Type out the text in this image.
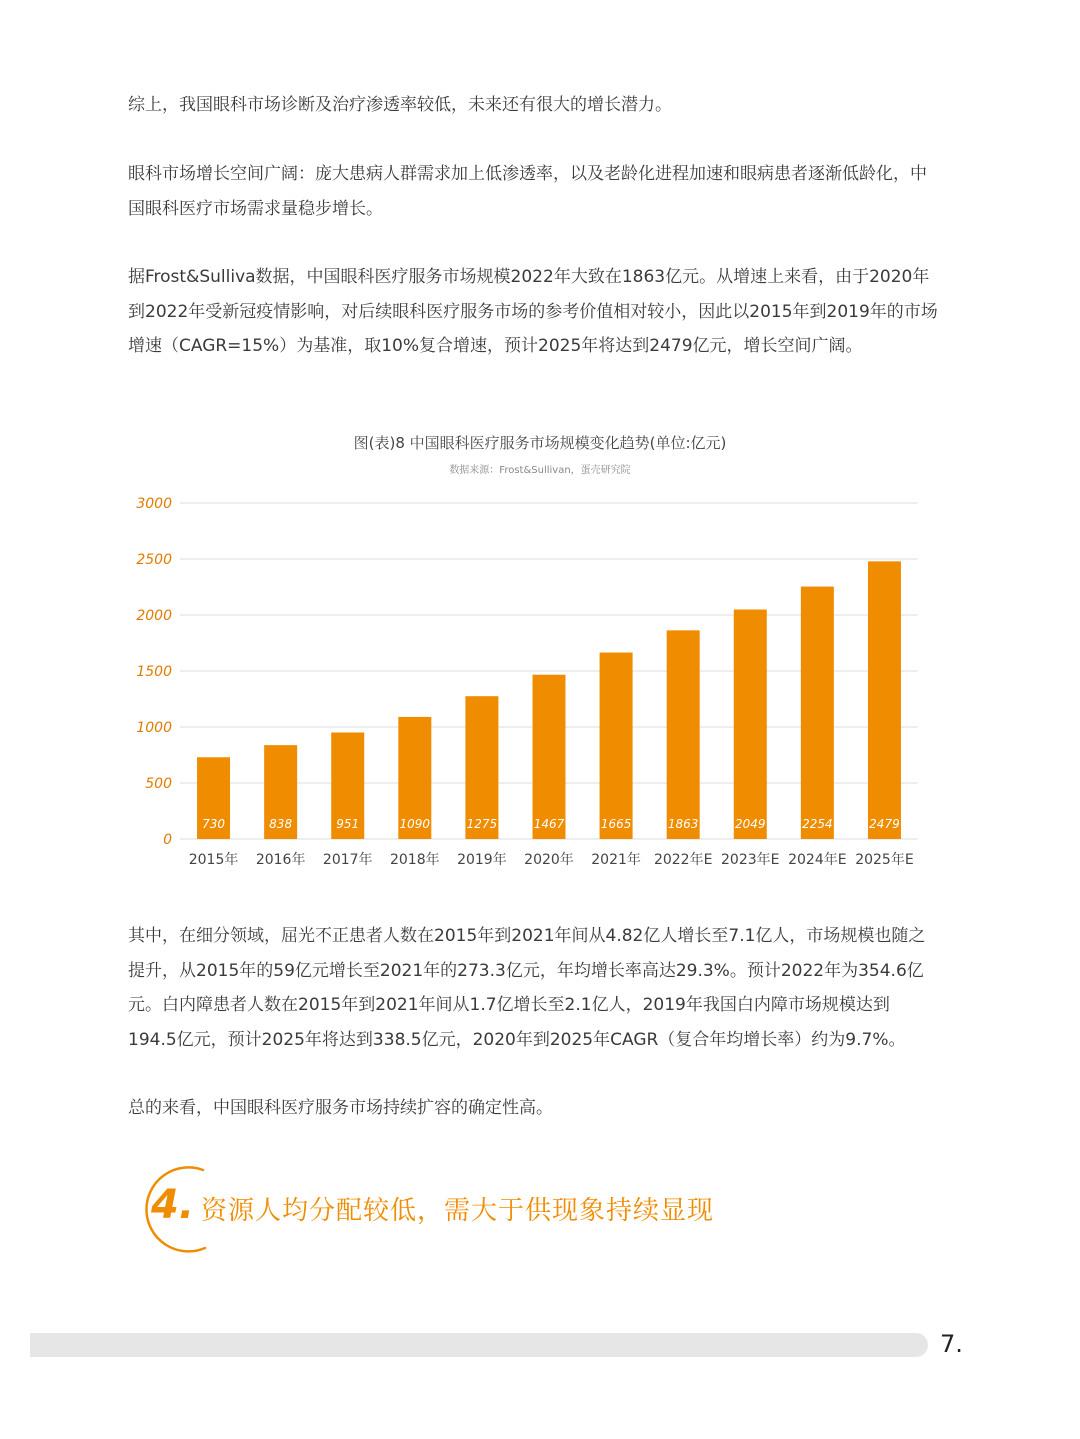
综上，我国眼科市场诊断及治疗渗透率较低，未来还有很大的增长潜力。

眼科市场增长空间广阔：庞大患病人群需求加上低渗透率，以及老龄化进程加速和眼病患者逐渐低龄化，中国眼科医疗市场需求量稳步增长。

据Frost&Sulliva数据，中国眼科医疗服务市场规模2022年大致在1863亿元。从增速上来看，由于2020年到2022年受新冠疫情影响，对后续眼科医疗服务市场的参考价值相对较小，因此以2015年到2019年的市场增速（CAGR=15%）为基准，取10%复合增速，预计2025年将达到2479亿元，增长空间广阔。

图(表)8 中国眼科医疗服务市场规模变化趋势(单位:亿元)
数据来源：Frost&Sullivan，蛋壳研究院
0
500
1000
1500
2000
2500
3000
730
2015年
838
2016年
951
2017年
1090
2018年
1275
2019年
1467
2020年
1665
2021年
1863
2022年E
2049
2023年E
2254
2024年E
2479
2025年E

其中，在细分领域，屈光不正患者人数在2015年到2021年间从4.82亿人增长至7.1亿人，市场规模也随之提升，从2015年的59亿元增长至2021年的273.3亿元，年均增长率高达29.3%。预计2022年为354.6亿元。白内障患者人数在2015年到2021年间从1.7亿增长至2.1亿人，2019年我国白内障市场规模达到194.5亿元，预计2025年将达到338.5亿元，2020年到2025年CAGR（复合年均增长率）约为9.7%。

总的来看，中国眼科医疗服务市场持续扩容的确定性高。

4. 资源人均分配较低，需大于供现象持续显现
7.
